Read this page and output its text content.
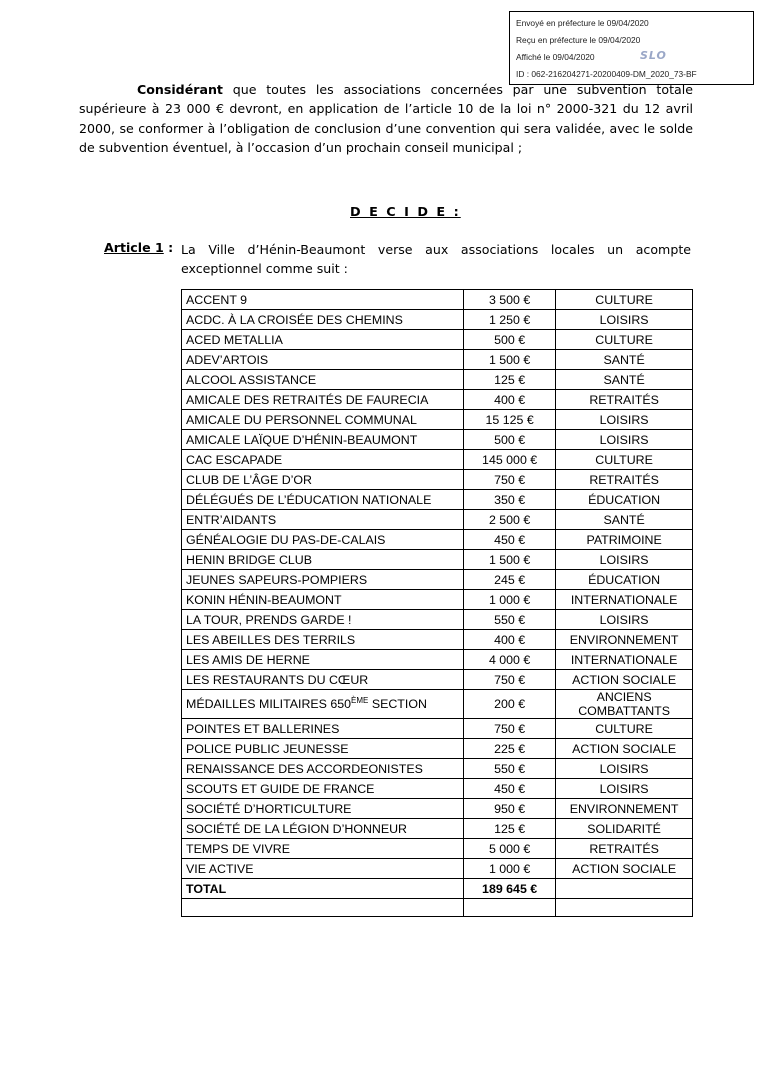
Envoyé en préfecture le 09/04/2020
Reçu en préfecture le 09/04/2020
Affiché le 09/04/2020
ID : 062-216204271-20200409-DM_2020_73-BF
SLO
Considérant que toutes les associations concernées par une subvention totale supérieure à 23 000 € devront, en application de l’article 10 de la loi n° 2000-321 du 12 avril 2000, se conformer à l’obligation de conclusion d’une convention qui sera validée, avec le solde de subvention éventuel, à l’occasion d’un prochain conseil municipal ;
D E C I D E :
Article 1 : La Ville d’Hénin-Beaumont verse aux associations locales un acompte exceptionnel comme suit :
ACCENT 9	3 500 €	CULTURE
ACDC. À LA CROISÉE DES CHEMINS	1 250 €	LOISIRS
ACED METALLIA	500 €	CULTURE
ADEV’ARTOIS	1 500 €	SANTÉ
ALCOOL ASSISTANCE	125 €	SANTÉ
AMICALE DES RETRAITÉS DE FAURECIA	400 €	RETRAITÉS
AMICALE DU PERSONNEL COMMUNAL	15 125 €	LOISIRS
AMICALE LAÏQUE D’HÉNIN-BEAUMONT	500 €	LOISIRS
CAC ESCAPADE	145 000 €	CULTURE
CLUB DE L’ÂGE D’OR	750 €	RETRAITÉS
DÉLÉGUÉS DE L’ÉDUCATION NATIONALE	350 €	ÉDUCATION
ENTR’AIDANTS	2 500 €	SANTÉ
GÉNÉALOGIE DU PAS-DE-CALAIS	450 €	PATRIMOINE
HENIN BRIDGE CLUB	1 500 €	LOISIRS
JEUNES SAPEURS-POMPIERS	245 €	ÉDUCATION
KONIN HÉNIN-BEAUMONT	1 000 €	INTERNATIONALE
LA TOUR, PRENDS GARDE !	550 €	LOISIRS
LES ABEILLES DES TERRILS	400 €	ENVIRONNEMENT
LES AMIS DE HERNE	4 000 €	INTERNATIONALE
LES RESTAURANTS DU CŒUR	750 €	ACTION SOCIALE
MÉDAILLES MILITAIRES 650ÈME SECTION	200 €	ANCIENS
COMBATTANTS

POINTES ET BALLERINES	750 €	CULTURE
POLICE PUBLIC JEUNESSE	225 €	ACTION SOCIALE
RENAISSANCE DES ACCORDEONISTES	550 €	LOISIRS
SCOUTS ET GUIDE DE FRANCE	450 €	LOISIRS
SOCIÉTÉ D’HORTICULTURE	950 €	ENVIRONNEMENT
SOCIÉTÉ DE LA LÉGION D’HONNEUR	125 €	SOLIDARITÉ
TEMPS DE VIVRE	5 000 €	RETRAITÉS
VIE ACTIVE	1 000 €	ACTION SOCIALE
TOTAL	189 645 €	
